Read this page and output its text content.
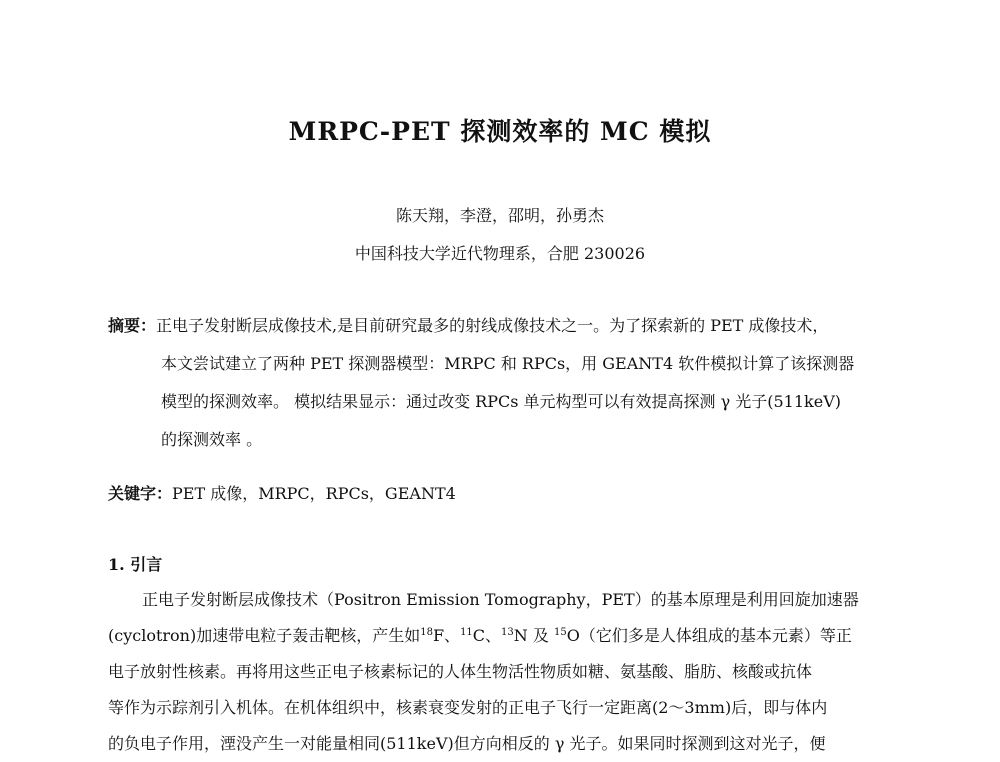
MRPC-PET 探测效率的 MC 模拟
陈天翔，李澄，邵明，孙勇杰
中国科技大学近代物理系，合肥 230026
摘要：正电子发射断层成像技术,是目前研究最多的射线成像技术之一。为了探索新的 PET 成像技术，
本文尝试建立了两种 PET 探测器模型：MRPC 和 RPCs，用 GEANT4 软件模拟计算了该探测器
模型的探测效率。 模拟结果显示：通过改变 RPCs 单元构型可以有效提高探测 γ 光子(511keV)
的探测效率 。
关键字：PET 成像，MRPC，RPCs，GEANT4
1. 引言
正电子发射断层成像技术（Positron Emission Tomography，PET）的基本原理是利用回旋加速器
(cyclotron)加速带电粒子轰击靶核，产生如$^{18}$F、$^{11}$C、$^{13}$N 及 $^{15}$O（它们多是人体组成的基本元素）等正
电子放射性核素。再将用这些正电子核素标记的人体生物活性物质如糖、氨基酸、脂肪、核酸或抗体
等作为示踪剂引入机体。在机体组织中，核素衰变发射的正电子飞行一定距离(2～3mm)后，即与体内
的负电子作用，湮没产生一对能量相同(511keV)但方向相反的 γ 光子。如果同时探测到这对光子，便
